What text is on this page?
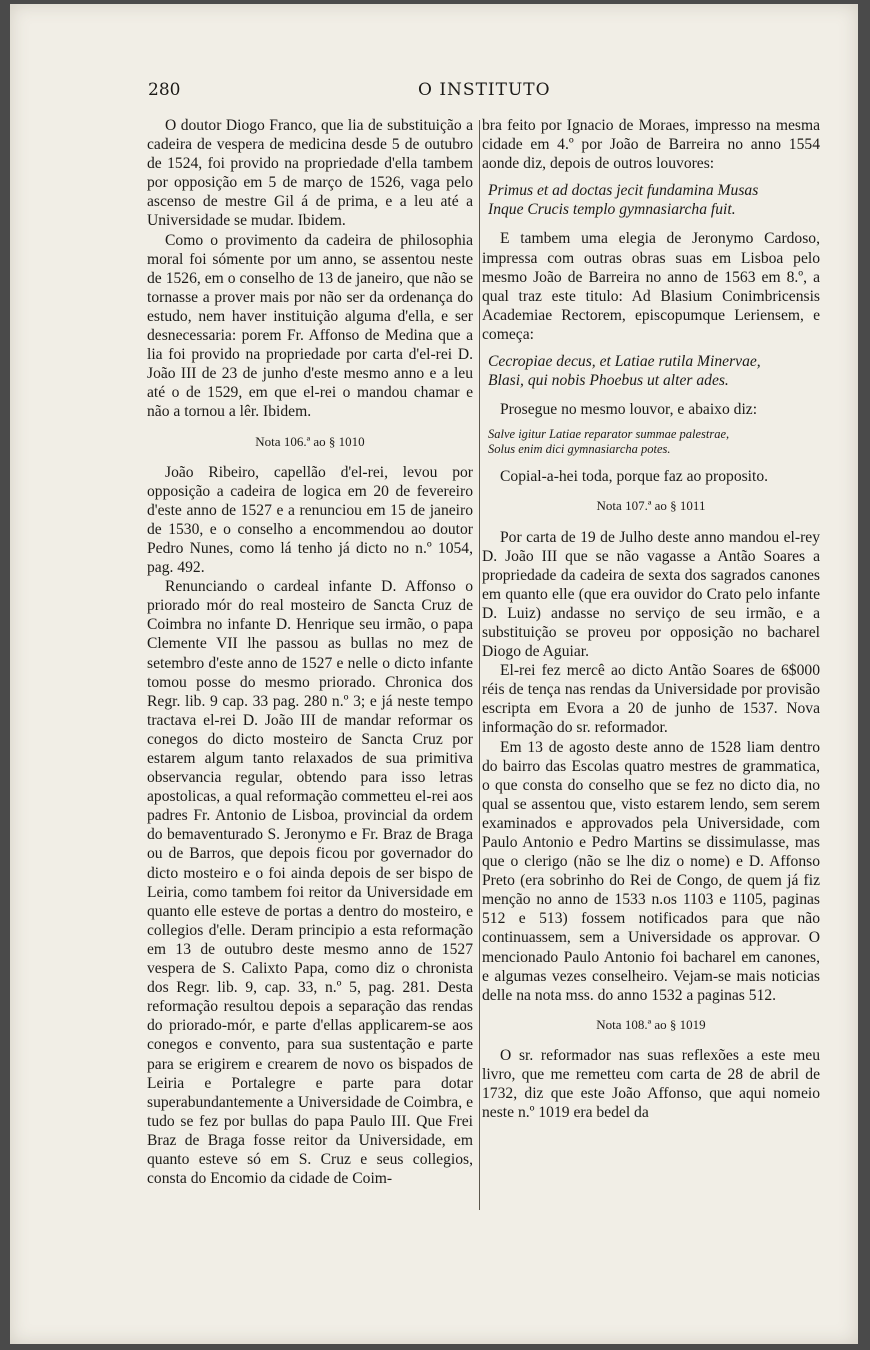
280	O INSTITUTO

O doutor Diogo Franco, que lia de substituição a cadeira de vespera de medicina desde 5 de outubro de 1524, foi provido na propriedade d'ella tambem por opposição em 5 de março de 1526, vaga pelo ascenso de mestre Gil á de prima, e a leu até a Universidade se mudar. Ibidem.

Como o provimento da cadeira de philosophia moral foi sómente por um anno, se assentou neste de 1526, em o conselho de 13 de janeiro, que não se tornasse a prover mais por não ser da ordenança do estudo, nem haver instituição alguma d'ella, e ser desnecessaria: porem Fr. Affonso de Medina que a lia foi provido na propriedade por carta d'el-rei D. João III de 23 de junho d'este mesmo anno e a leu até o de 1529, em que el-rei o mandou chamar e não a tornou a lêr. Ibidem.

Nota 106.ª ao § 1010

João Ribeiro, capellão d'el-rei, levou por opposição a cadeira de logica em 20 de fevereiro d'este anno de 1527 e a renunciou em 15 de janeiro de 1530, e o conselho a encommendou ao doutor Pedro Nunes, como lá tenho já dicto no n.º 1054, pag. 492.

Renunciando o cardeal infante D. Affonso o priorado mór do real mosteiro de Sancta Cruz de Coimbra no infante D. Henrique seu irmão, o papa Clemente VII lhe passou as bullas no mez de setembro d'este anno de 1527 e nelle o dicto infante tomou posse do mesmo priorado. Chronica dos Regr. lib. 9 cap. 33 pag. 280 n.º 3; e já neste tempo tractava el-rei D. João III de mandar reformar os conegos do dicto mosteiro de Sancta Cruz por estarem algum tanto relaxados de sua primitiva observancia regular, obtendo para isso letras apostolicas, a qual reformação commetteu el-rei aos padres Fr. Antonio de Lisboa, provincial da ordem do bemaventurado S. Jeronymo e Fr. Braz de Braga ou de Barros, que depois ficou por governador do dicto mosteiro e o foi ainda depois de ser bispo de Leiria, como tambem foi reitor da Universidade em quanto elle esteve de portas a dentro do mosteiro, e collegios d'elle. Deram principio a esta reformação em 13 de outubro deste mesmo anno de 1527 vespera de S. Calixto Papa, como diz o chronista dos Regr. lib. 9, cap. 33, n.º 5, pag. 281. Desta reformação resultou depois a separação das rendas do priorado-mór, e parte d'ellas applicarem-se aos conegos e convento, para sua sustentação e parte para se erigirem e crearem de novo os bispados de Leiria e Portalegre e parte para dotar superabundantemente a Universidade de Coimbra, e tudo se fez por bullas do papa Paulo III. Que Frei Braz de Braga fosse reitor da Universidade, em quanto esteve só em S. Cruz e seus collegios, consta do Encomio da cidade de Coim-

bra feito por Ignacio de Moraes, impresso na mesma cidade em 4.º por João de Barreira no anno 1554 aonde diz, depois de outros louvores:

Primus et ad doctas jecit fundamina Musas
Inque Crucis templo gymnasiarcha fuit.

E tambem uma elegia de Jeronymo Cardoso, impressa com outras obras suas em Lisboa pelo mesmo João de Barreira no anno de 1563 em 8.º, a qual traz este titulo: Ad Blasium Conimbricensis Academiae Rectorem, episcopumque Leriensem, e começa:

Cecropiae decus, et Latiae rutila Minervae,
Blasi, qui nobis Phoebus ut alter ades.

Prosegue no mesmo louvor, e abaixo diz:

Salve igitur Latiae reparator summae palestrae,
Solus enim dici gymnasiarcha potes.

Copial-a-hei toda, porque faz ao proposito.

Nota 107.ª ao § 1011

Por carta de 19 de Julho deste anno mandou el-rey D. João III que se não vagasse a Antão Soares a propriedade da cadeira de sexta dos sagrados canones em quanto elle (que era ouvidor do Crato pelo infante D. Luiz) andasse no serviço de seu irmão, e a substituição se proveu por opposição no bacharel Diogo de Aguiar.

El-rei fez mercê ao dicto Antão Soares de 6$000 réis de tença nas rendas da Universidade por provisão escripta em Evora a 20 de junho de 1537. Nova informação do sr. reformador.

Em 13 de agosto deste anno de 1528 liam dentro do bairro das Escolas quatro mestres de grammatica, o que consta do conselho que se fez no dicto dia, no qual se assentou que, visto estarem lendo, sem serem examinados e approvados pela Universidade, com Paulo Antonio e Pedro Martins se dissimulasse, mas que o clerigo (não se lhe diz o nome) e D. Affonso Preto (era sobrinho do Rei de Congo, de quem já fiz menção no anno de 1533 n.os 1103 e 1105, paginas 512 e 513) fossem notificados para que não continuassem, sem a Universidade os approvar. O mencionado Paulo Antonio foi bacharel em canones, e algumas vezes conselheiro. Vejam-se mais noticias delle na nota mss. do anno 1532 a paginas 512.

Nota 108.ª ao § 1019

O sr. reformador nas suas reflexões a este meu livro, que me remetteu com carta de 28 de abril de 1732, diz que este João Affonso, que aqui nomeio neste n.º 1019 era bedel da
